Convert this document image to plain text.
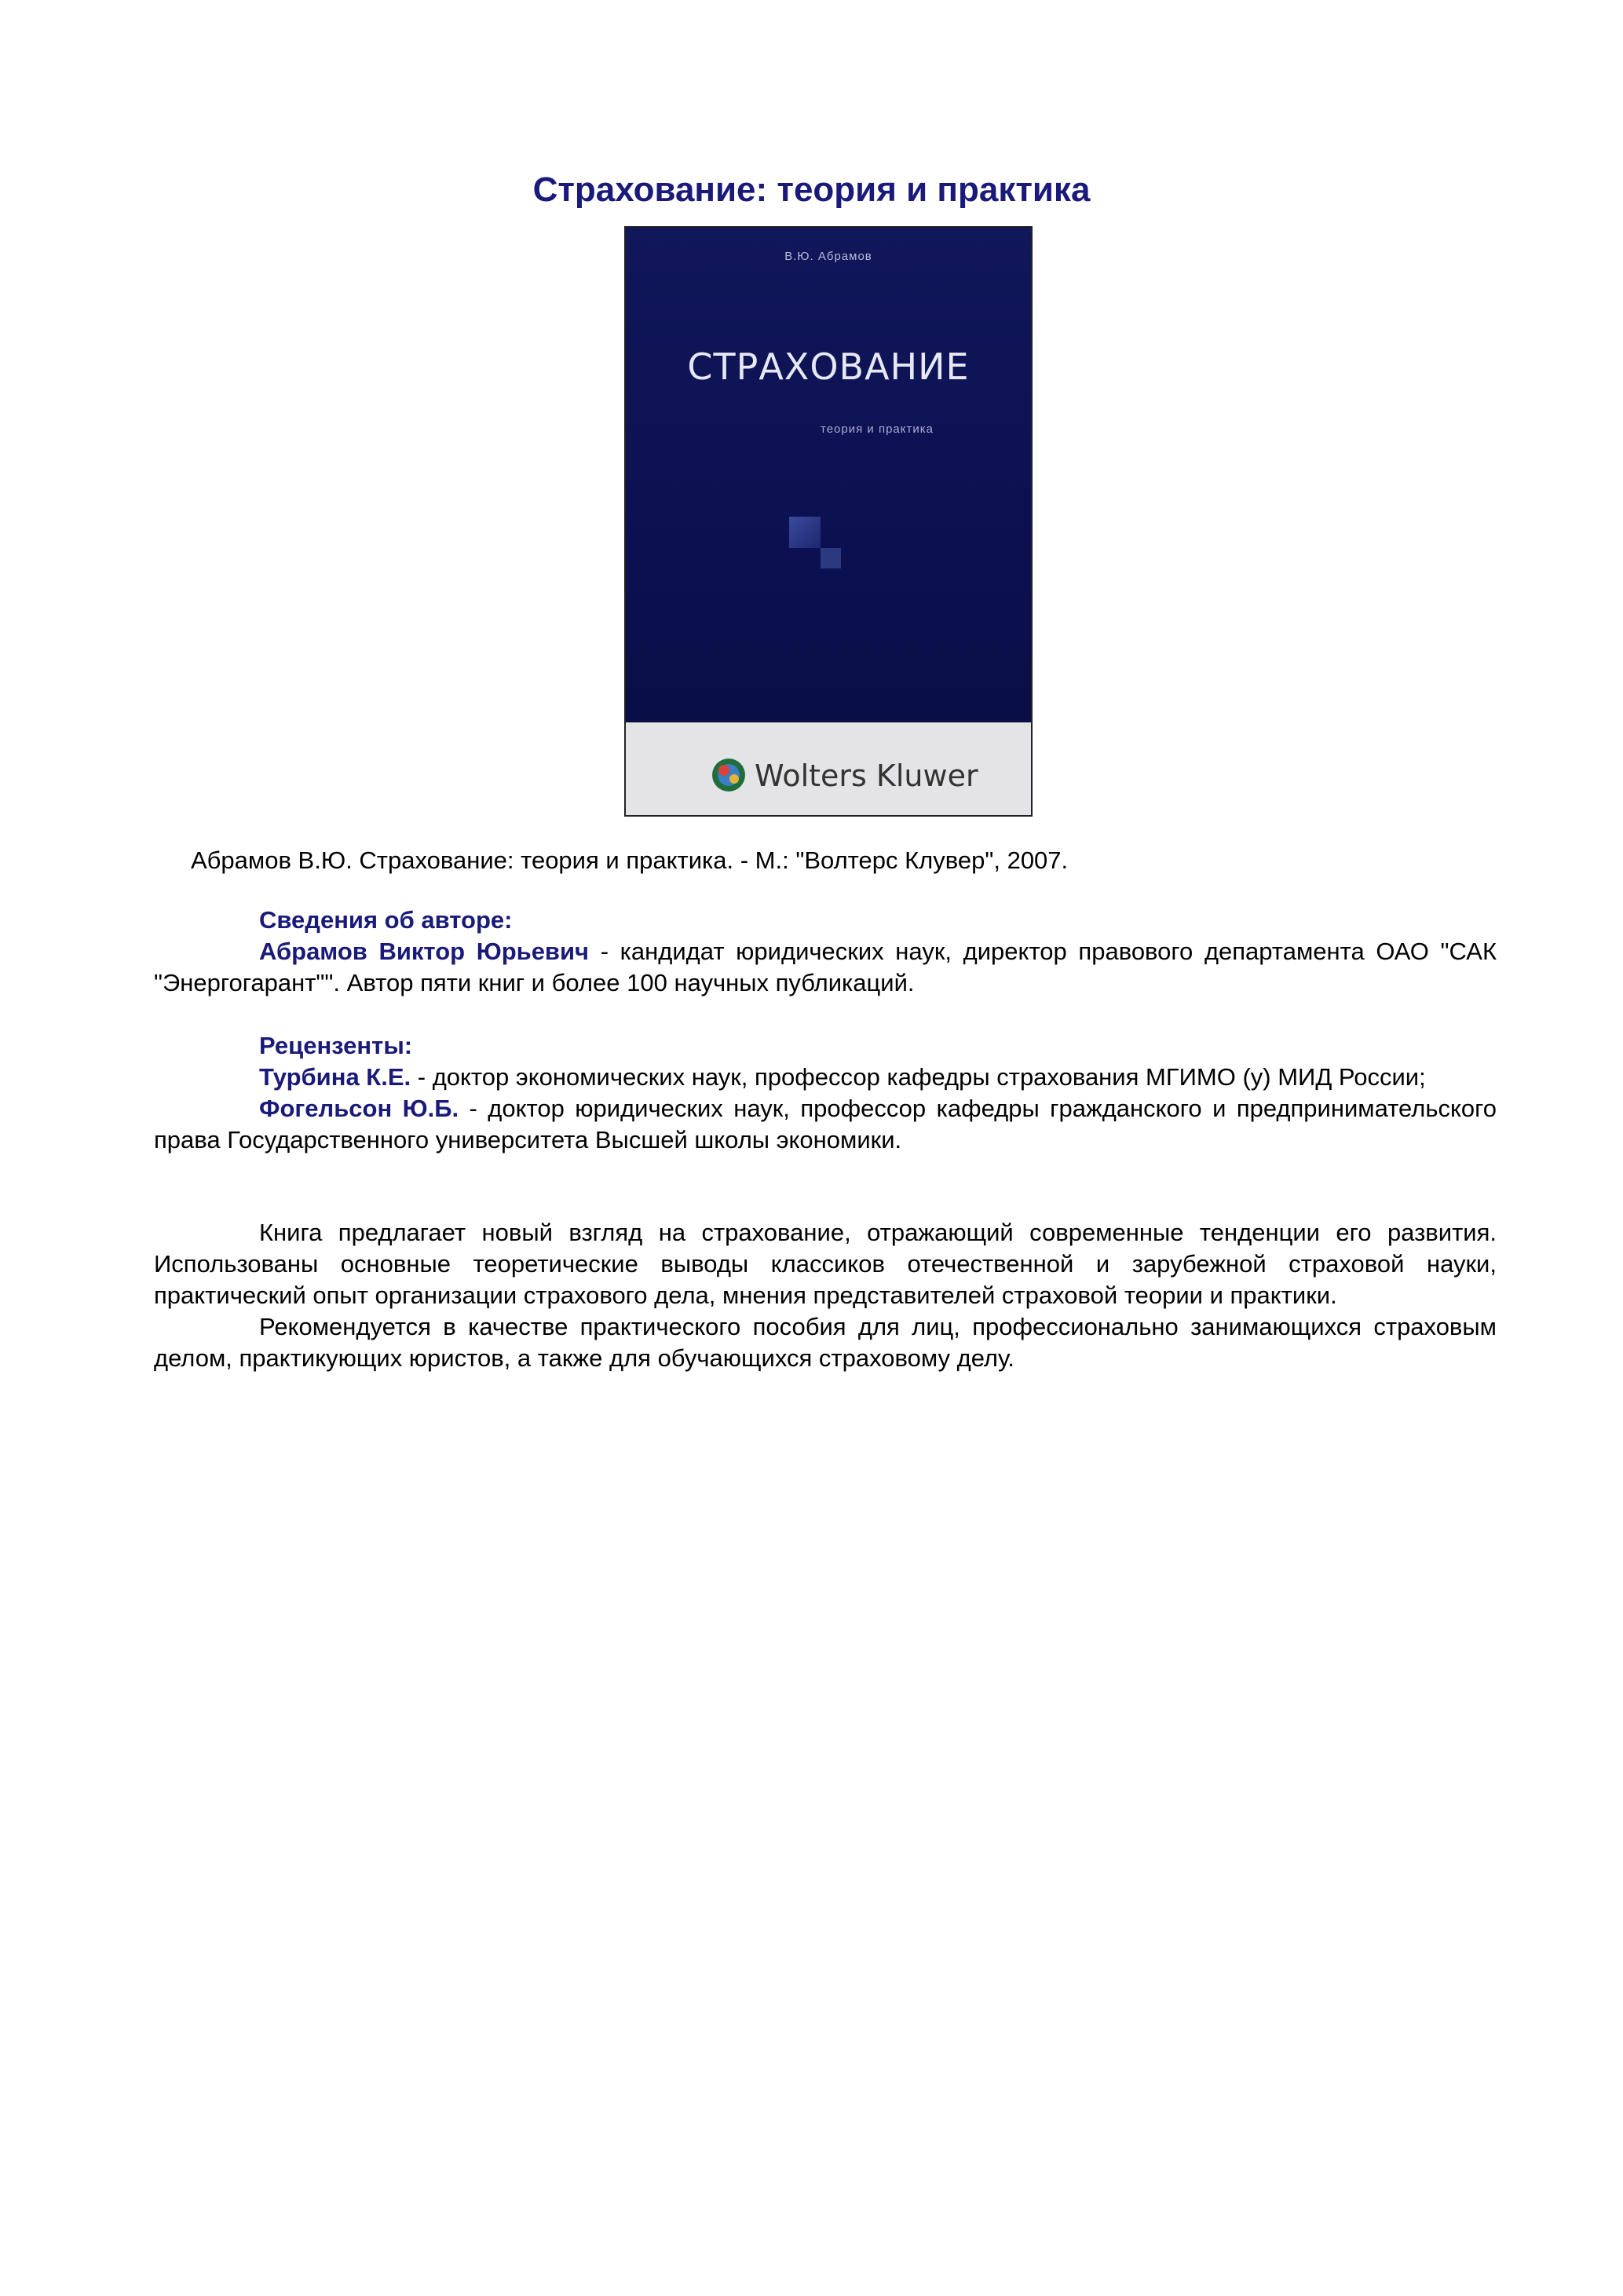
Страхование: теория и практика
В.Ю. Абрамов
СТРАХОВАНИЕ
теория и практика
Wolters Kluwer
Абрамов В.Ю. Страхование: теория и практика. - М.: "Волтерс Клувер", 2007.

Сведения об авторе:

Абрамов Виктор Юрьевич - кандидат юридических наук, директор правового департамента ОАО "САК "Энергогарант"". Автор пяти книг и более 100 научных публикаций.

Рецензенты:

Турбина К.Е. - доктор экономических наук, профессор кафедры страхования МГИМО (у) МИД России;

Фогельсон Ю.Б. - доктор юридических наук, профессор кафедры гражданского и предпринимательского права Государственного университета Высшей школы экономики.

Книга предлагает новый взгляд на страхование, отражающий современные тенденции его развития. Использованы основные теоретические выводы классиков отечественной и зарубежной страховой науки, практический опыт организации страхового дела, мнения представителей страховой теории и практики.

Рекомендуется в качестве практического пособия для лиц, профессионально занимающихся страховым делом, практикующих юристов, а также для обучающихся страховому делу.
